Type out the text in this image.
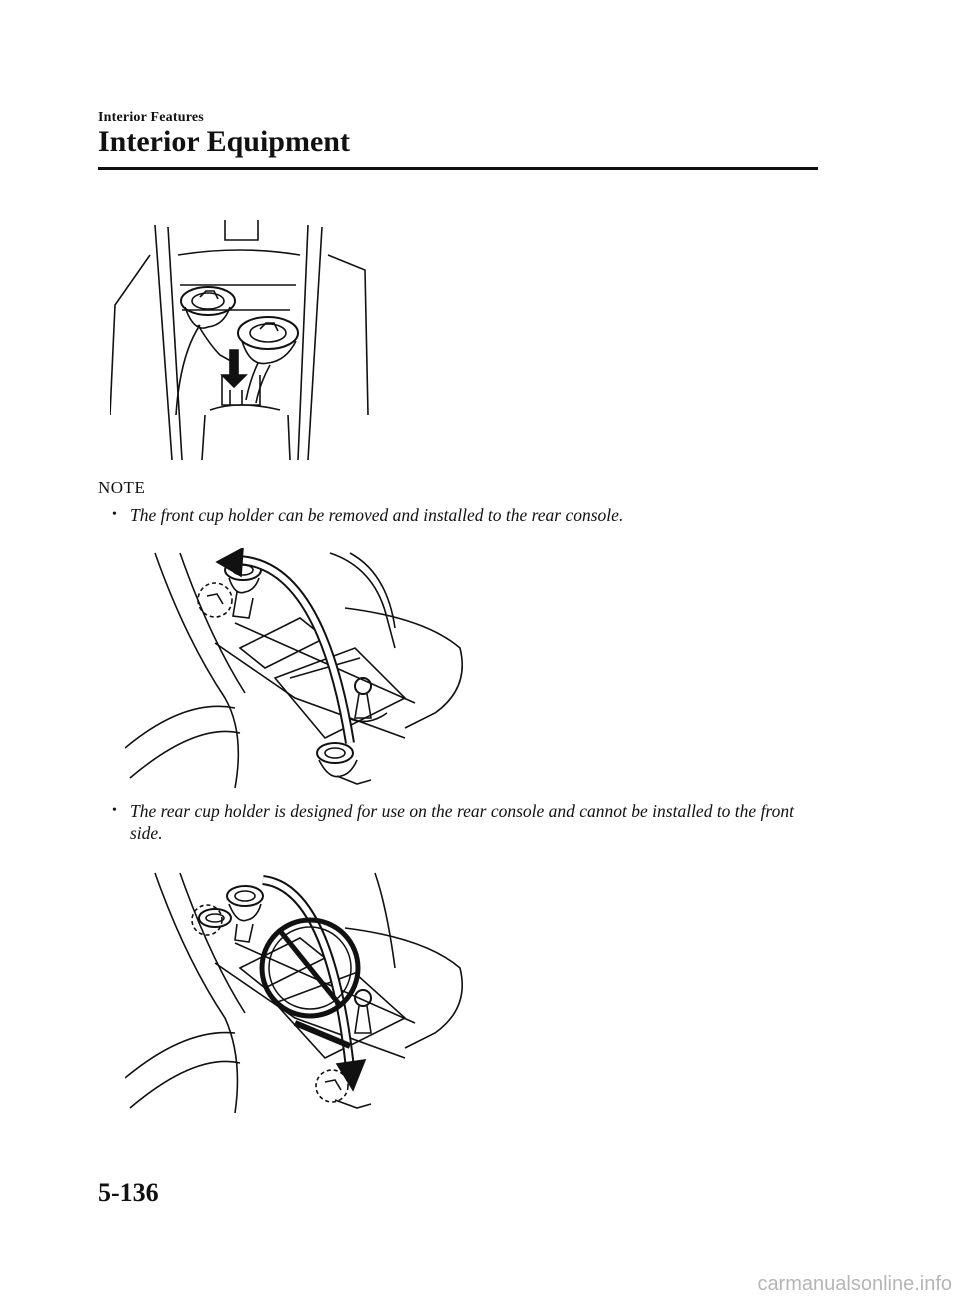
Interior Features
Interior Equipment
NOTE
• The front cup holder can be removed and installed to the rear console.
• The rear cup holder is designed for use on the rear console and cannot be installed to the front side.
5-136
carmanualsonline.info
